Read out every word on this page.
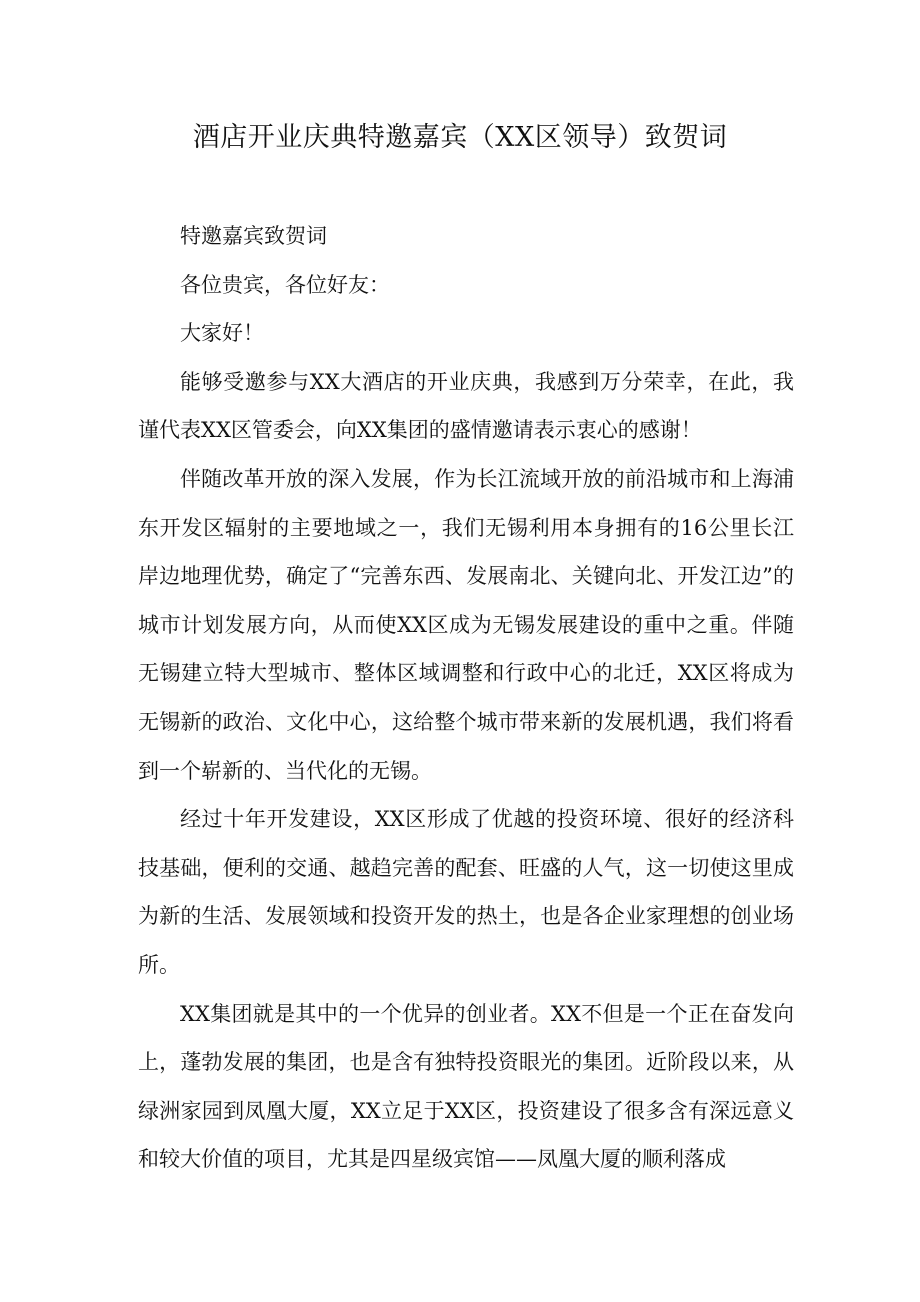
酒店开业庆典特邀嘉宾（XX区领导）致贺词

特邀嘉宾致贺词

各位贵宾，各位好友：

大家好！

能够受邀参与XX大酒店的开业庆典，我感到万分荣幸，在此，我谨代表XX区管委会，向XX集团的盛情邀请表示衷心的感谢！

伴随改革开放的深入发展，作为长江流域开放的前沿城市和上海浦东开发区辐射的主要地域之一，我们无锡利用本身拥有的16公里长江岸边地理优势，确定了“完善东西、发展南北、关键向北、开发江边”的城市计划发展方向，从而使XX区成为无锡发展建设的重中之重。伴随无锡建立特大型城市、整体区域调整和行政中心的北迁，XX区将成为无锡新的政治、文化中心，这给整个城市带来新的发展机遇，我们将看到一个崭新的、当代化的无锡。

经过十年开发建设，XX区形成了优越的投资环境、很好的经济科技基础，便利的交通、越趋完善的配套、旺盛的人气，这一切使这里成为新的生活、发展领域和投资开发的热土，也是各企业家理想的创业场所。

XX集团就是其中的一个优异的创业者。XX不但是一个正在奋发向上，蓬勃发展的集团，也是含有独特投资眼光的集团。近阶段以来，从绿洲家园到凤凰大厦，XX立足于XX区，投资建设了很多含有深远意义和较大价值的项目，尤其是四星级宾馆——凤凰大厦的顺利落成
